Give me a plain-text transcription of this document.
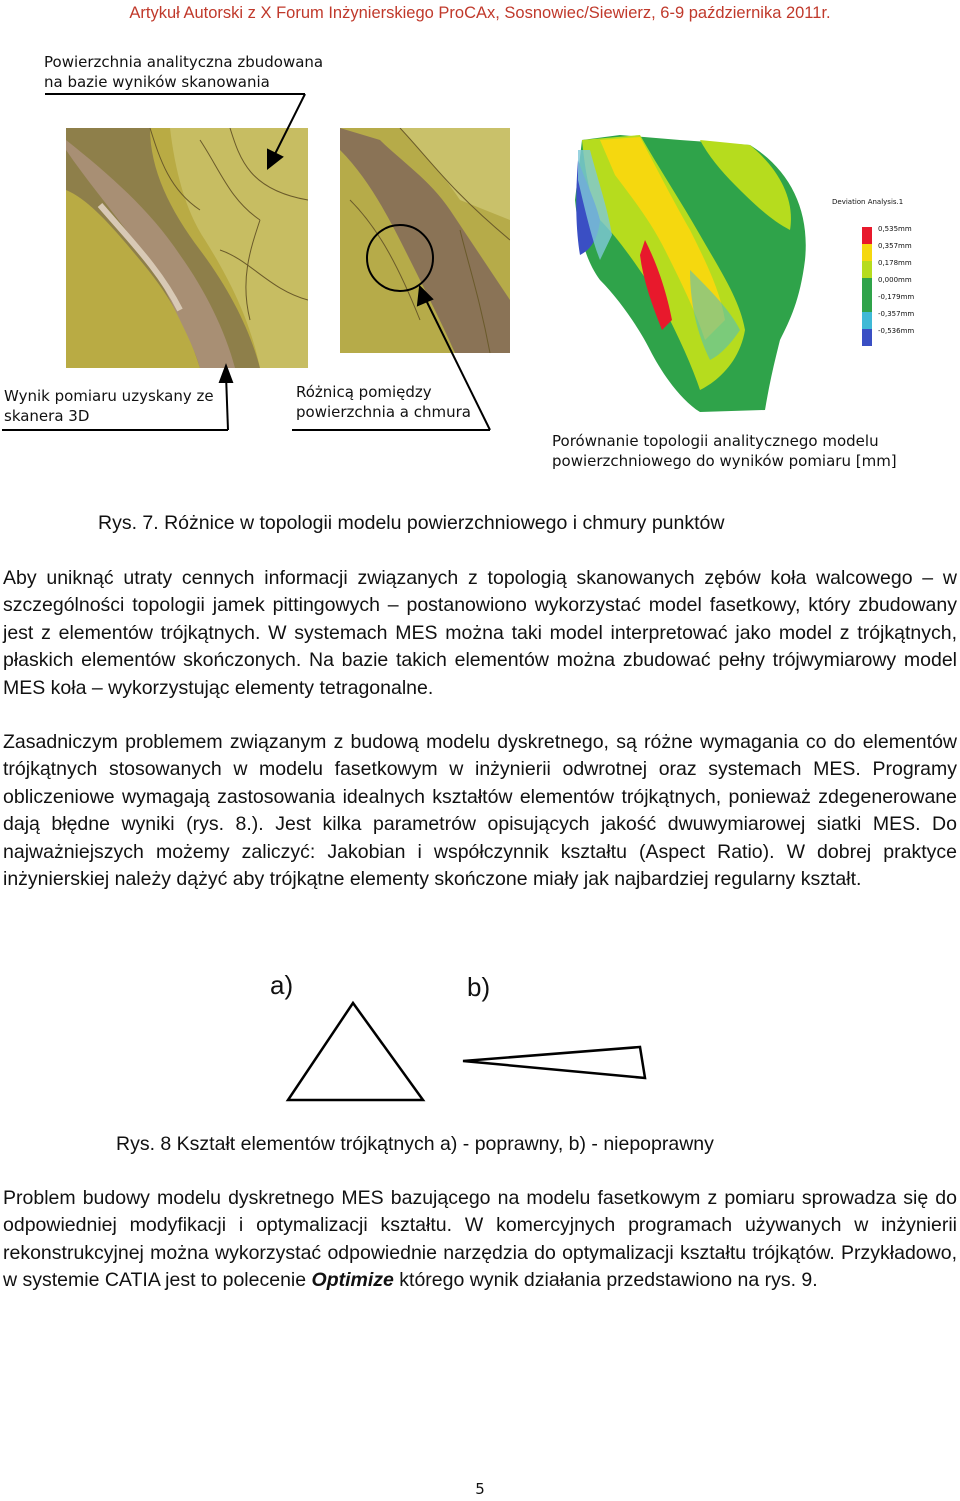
Artykuł Autorski z X Forum Inżynierskiego ProCAx, Sosnowiec/Siewierz, 6-9 października 2011r.
Powierzchnia analityczna zbudowana
na bazie wyników skanowania
Wynik pomiaru uzyskany ze
skanera 3D
Różnicą pomiędzy
powierzchnia a chmura
Porównanie topologii analitycznego modelu
powierzchniowego do wyników pomiaru [mm]
Deviation Analysis.1
0,535mm
0,357mm
0,178mm
0,000mm
-0,179mm
-0,357mm
-0,536mm
Rys. 7. Różnice w topologii modelu powierzchniowego i chmury punktów

Aby uniknąć utraty cennych informacji związanych z topologią skanowanych zębów koła walcowego – w szczególności topologii jamek pittingowych – postanowiono wykorzystać model fasetkowy, który zbudowany jest z elementów trójkątnych. W systemach MES można taki model interpretować jako model z trójkątnych, płaskich elementów skończonych. Na bazie takich elementów można zbudować pełny trójwymiarowy model MES koła – wykorzystując elementy tetragonalne.

Zasadniczym problemem związanym z budową modelu dyskretnego, są różne wymagania co do elementów trójkątnych stosowanych w modelu fasetkowym w inżynierii odwrotnej oraz systemach MES. Programy obliczeniowe wymagają zastosowania idealnych kształtów elementów trójkątnych, ponieważ zdegenerowane dają błędne wyniki (rys. 8.). Jest kilka parametrów opisujących jakość dwuwymiarowej siatki MES. Do najważniejszych możemy zaliczyć: Jakobian i współczynnik kształtu (Aspect Ratio). W dobrej praktyce inżynierskiej należy dążyć aby trójkątne elementy skończone miały jak najbardziej regularny kształt.

a)	b)
Rys. 8 Kształt elementów trójkątnych a) - poprawny, b) - niepoprawny

Problem budowy modelu dyskretnego MES bazującego na modelu fasetkowym z pomiaru sprowadza się do odpowiedniej modyfikacji i optymalizacji kształtu. W komercyjnych programach używanych w inżynierii rekonstrukcyjnej można wykorzystać odpowiednie narzędzia do optymalizacji kształtu trójkątów. Przykładowo, w systemie CATIA jest to polecenie Optimize którego wynik działania przedstawiono na rys. 9.

5
